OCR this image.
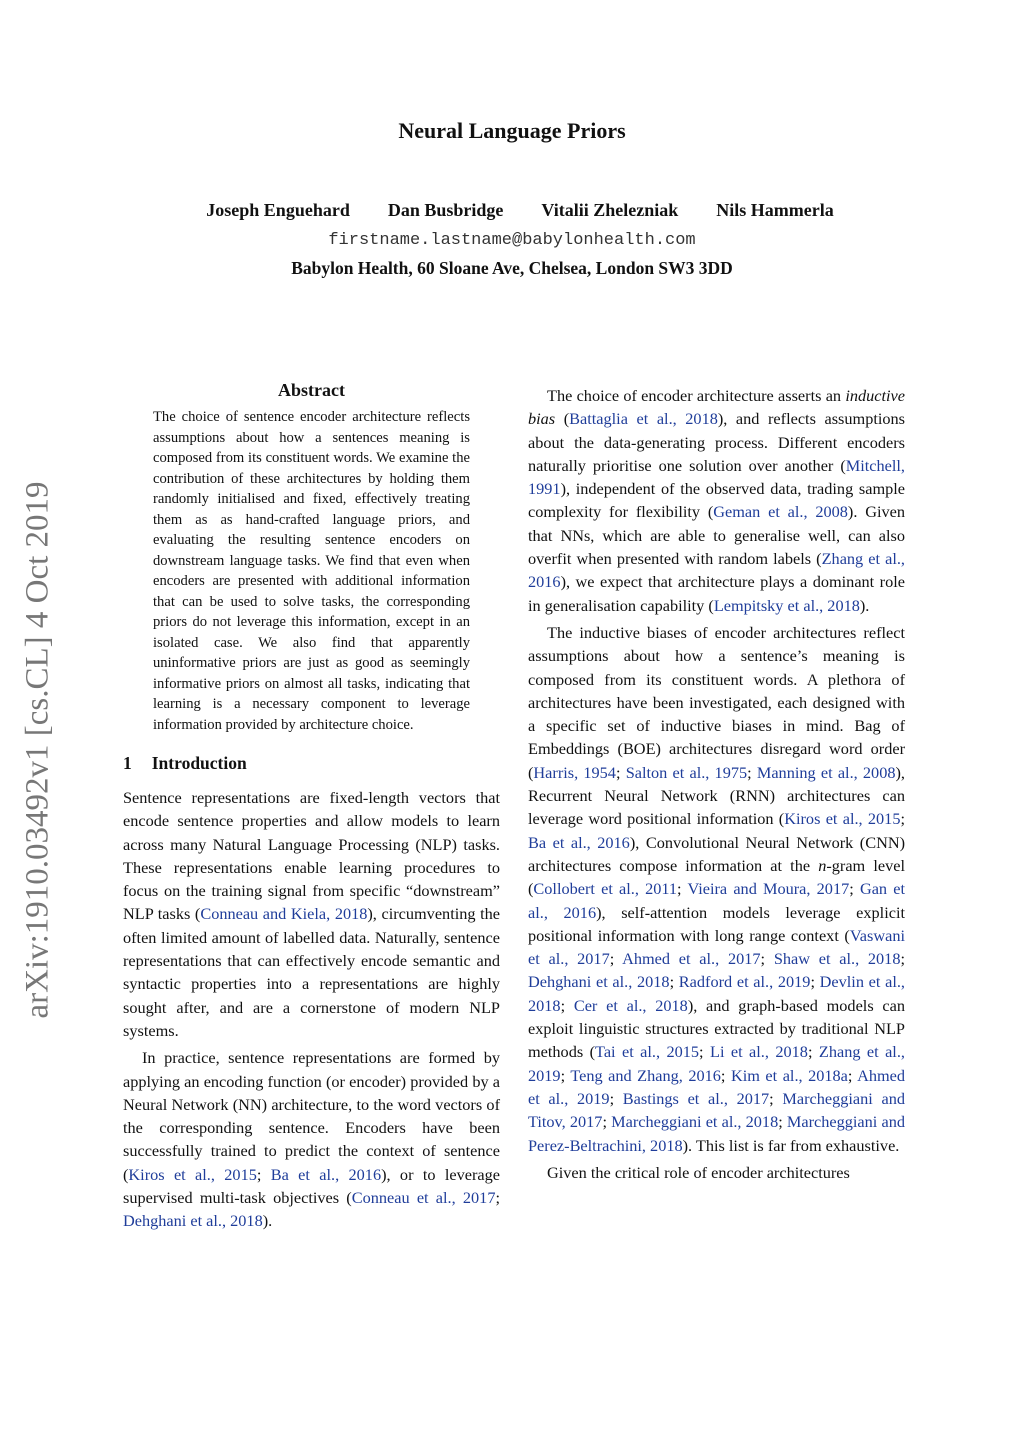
Neural Language Priors
Joseph Enguehard Dan Busbridge Vitalii Zhelezniak Nils Hammerla
firstname.lastname@babylonhealth.com
Babylon Health, 60 Sloane Ave, Chelsea, London SW3 3DD
arXiv:1910.03492v1 [cs.CL] 4 Oct 2019
Abstract

The choice of sentence encoder architecture reflects assumptions about how a sentences meaning is composed from its constituent words. We examine the contribution of these architectures by holding them randomly initialised and fixed, effectively treating them as as hand-crafted language priors, and evaluating the resulting sentence encoders on downstream language tasks. We find that even when encoders are presented with additional information that can be used to solve tasks, the corresponding priors do not leverage this information, except in an isolated case. We also find that apparently uninformative priors are just as good as seemingly informative priors on almost all tasks, indicating that learning is a necessary component to leverage information provided by architecture choice.

1 Introduction

Sentence representations are fixed-length vectors that encode sentence properties and allow models to learn across many Natural Language Processing (NLP) tasks. These representations enable learning procedures to focus on the training signal from specific “downstream” NLP tasks (Conneau and Kiela, 2018), circumventing the often limited amount of labelled data. Naturally, sentence representations that can effectively encode semantic and syntactic properties into a representations are highly sought after, and are a cornerstone of modern NLP systems.

In practice, sentence representations are formed by applying an encoding function (or encoder) provided by a Neural Network (NN) architecture, to the word vectors of the corresponding sentence. Encoders have been successfully trained to predict the context of sentence (Kiros et al., 2015; Ba et al., 2016), or to leverage supervised multi-task objectives (Conneau et al., 2017; Dehghani et al., 2018).

The choice of encoder architecture asserts an inductive bias (Battaglia et al., 2018), and reflects assumptions about the data-generating process. Different encoders naturally prioritise one solution over another (Mitchell, 1991), independent of the observed data, trading sample complexity for flexibility (Geman et al., 2008). Given that NNs, which are able to generalise well, can also overfit when presented with random labels (Zhang et al., 2016), we expect that architecture plays a dominant role in generalisation capability (Lempitsky et al., 2018).

The inductive biases of encoder architectures reflect assumptions about how a sentence’s meaning is composed from its constituent words. A plethora of architectures have been investigated, each designed with a specific set of inductive biases in mind. Bag of Embeddings (BOE) architectures disregard word order (Harris, 1954; Salton et al., 1975; Manning et al., 2008), Recurrent Neural Network (RNN) architectures can leverage word positional information (Kiros et al., 2015; Ba et al., 2016), Convolutional Neural Network (CNN) architectures compose information at the n-gram level (Collobert et al., 2011; Vieira and Moura, 2017; Gan et al., 2016), self-attention models leverage explicit positional information with long range context (Vaswani et al., 2017; Ahmed et al., 2017; Shaw et al., 2018; Dehghani et al., 2018; Radford et al., 2019; Devlin et al., 2018; Cer et al., 2018), and graph-based models can exploit linguistic structures extracted by traditional NLP methods (Tai et al., 2015; Li et al., 2018; Zhang et al., 2019; Teng and Zhang, 2016; Kim et al., 2018a; Ahmed et al., 2019; Bastings et al., 2017; Marcheggiani and Titov, 2017; Marcheggiani et al., 2018; Marcheggiani and Perez-Beltrachini, 2018). This list is far from exhaustive.

Given the critical role of encoder architectures
